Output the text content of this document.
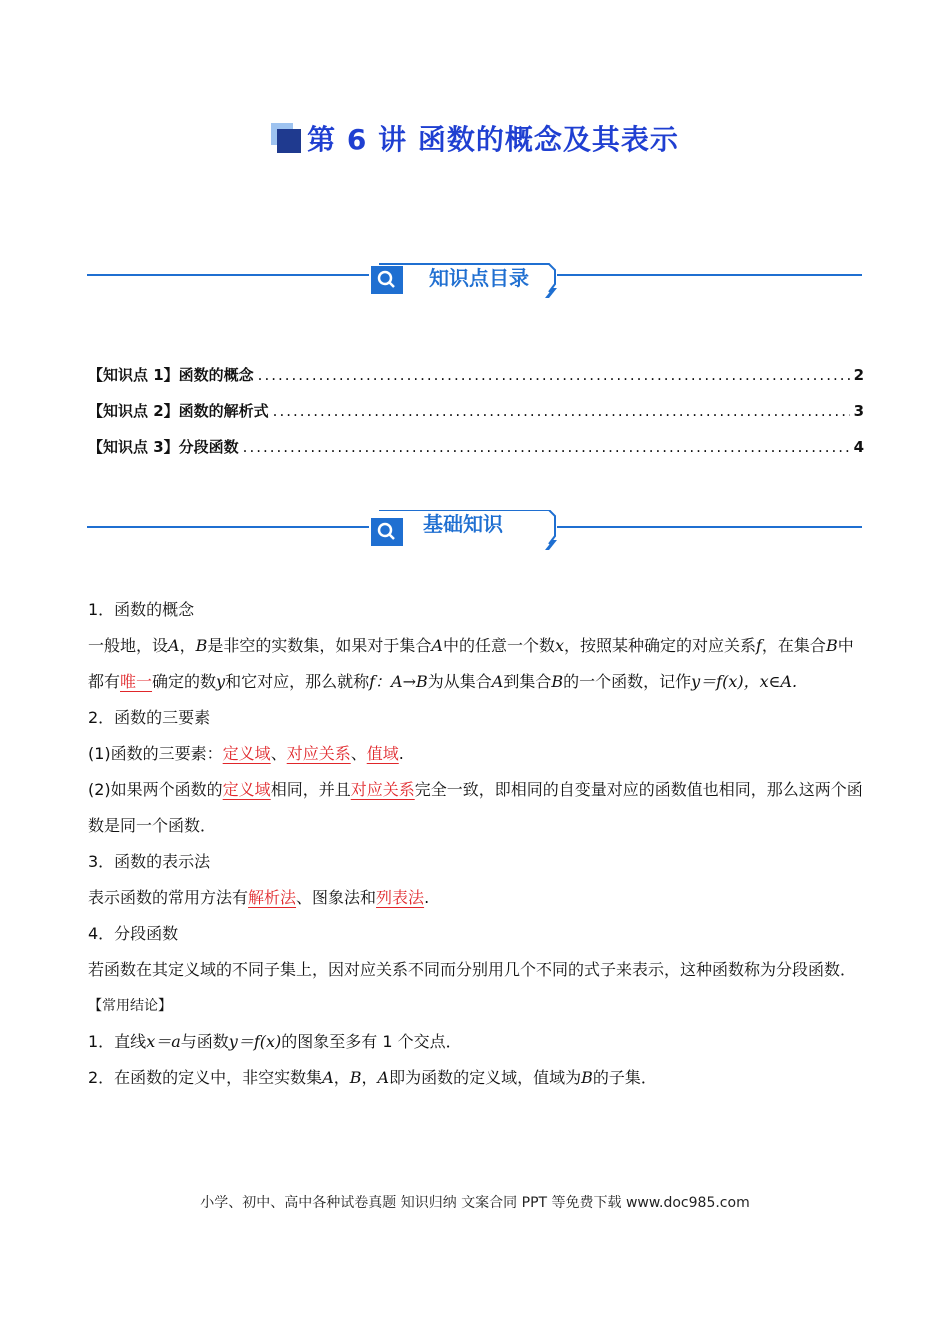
第 6 讲 函数的概念及其表示
知识点目录
【知识点 1】函数的概念 .....	2
【知识点 2】函数的解析式 .....	3
【知识点 3】分段函数 .....	4
基础知识

1．函数的概念

一般地，设A，B是非空的实数集，如果对于集合A中的任意一个数x，按照某种确定的对应关系f，在集合B中都有唯一确定的数y和它对应，那么就称f：A→B为从集合A到集合B的一个函数，记作y＝f(x)，x∈A.

2．函数的三要素

(1)函数的三要素：定义域、对应关系、值域.

(2)如果两个函数的定义域相同，并且对应关系完全一致，即相同的自变量对应的函数值也相同，那么这两个函数是同一个函数．

3．函数的表示法

表示函数的常用方法有解析法、图象法和列表法.

4．分段函数

若函数在其定义域的不同子集上，因对应关系不同而分别用几个不同的式子来表示，这种函数称为分段函数．

【常用结论】

1．直线x＝a与函数y＝f(x)的图象至多有 1 个交点．

2．在函数的定义中，非空实数集A，B，A即为函数的定义域，值域为B的子集．

小学、初中、高中各种试卷真题 知识归纳 文案合同 PPT 等免费下载 www.doc985.com
